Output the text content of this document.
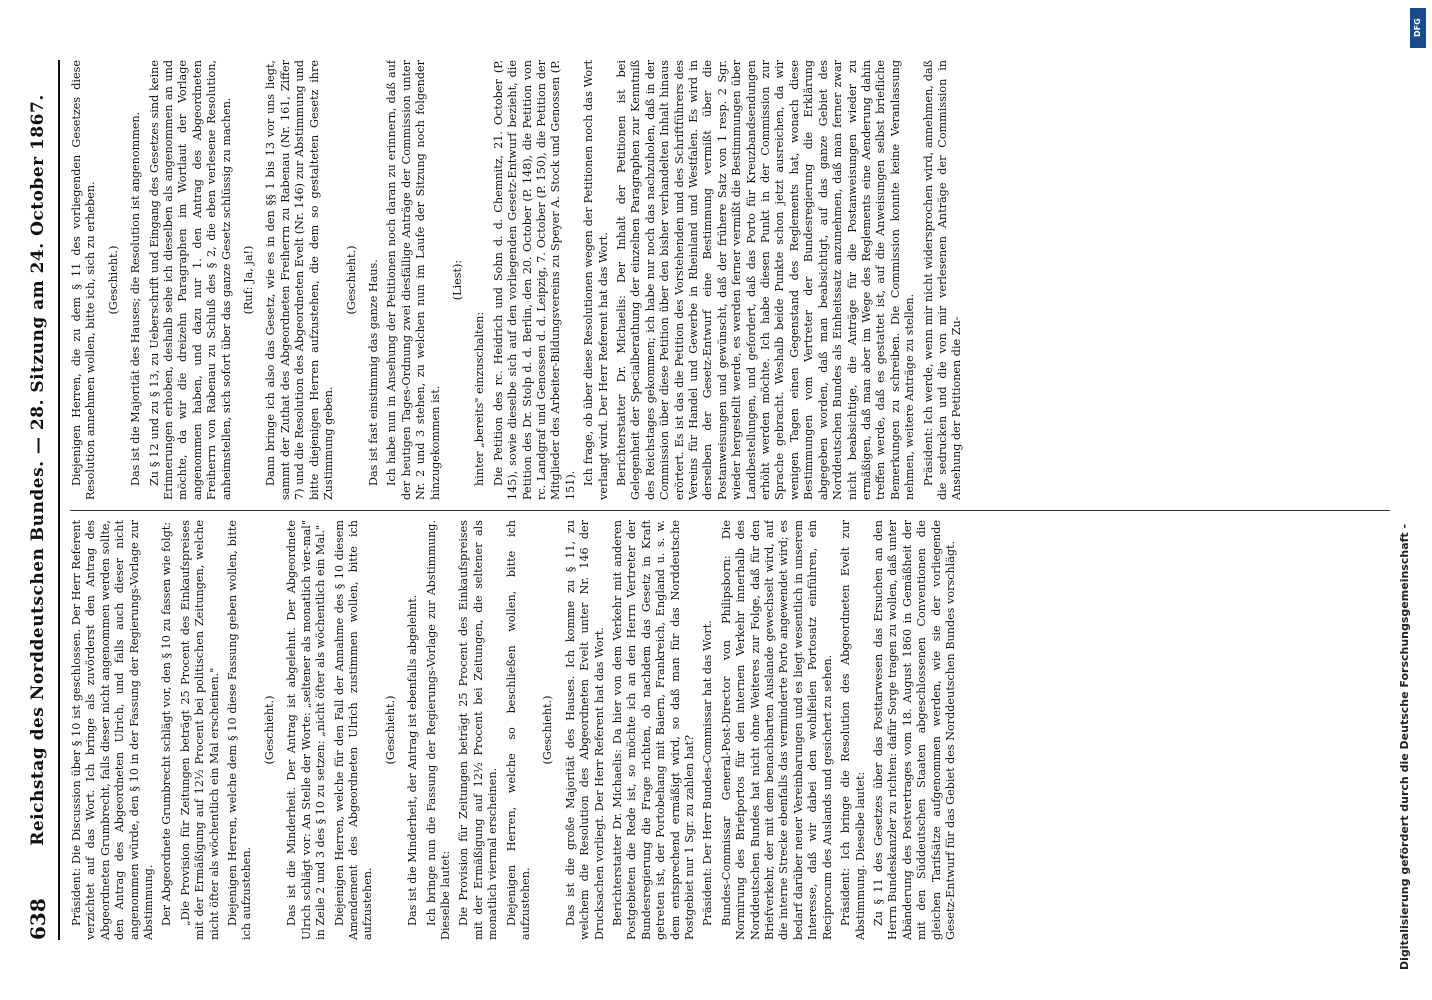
638
Reichstag des Norddeutschen Bundes. — 28. Sitzung am 24. October 1867. Präsident: Die Discussion über § 10 ist geschlossen. Der Herr Referent verzichtet auf das Wort. Ich bringe als zuvörderst den Antrag des Abgeordneten Grumbrecht, falls dieser nicht angenommen werden sollte, den Antrag des Abgeordneten Ulrich, und falls auch dieser nicht angenommen würde, den § 10 in der Fassung der Regierungs-Vorlage zur Abstimmung. Der Abgeordnete Grumbrecht schlägt vor, den § 10 zu fassen wie folgt: „Die Provision für Zeitungen beträgt 25 Procent des Einkaufspreises mit der Ermäßigung auf 12½ Procent bei politischen Zeitungen, welche nicht öfter als wöchentlich ein Mal erscheinen." Diejenigen Herren, welche dem § 10 diese Fassung geben wollen, bitte ich aufzustehen.

(Geschieht.) Das ist die Minderheit. Der Antrag ist abgelehnt. Der Abgeordnete Ulrich schlägt vor: An Stelle der Worte: „seltener als monatlich vier-mal" in Zeile 2 und 3 des § 10 zu setzen: „nicht öfter als wöchentlich ein Mal." Diejenigen Herren, welche für den Fall der Annahme des § 10 diesem Amendement des Abgeordneten Ulrich zustimmen wollen, bitte ich aufzustehen.

(Geschieht.) Das ist die Minderheit, der Antrag ist ebenfalls abgelehnt. Ich bringe nun die Fassung der Regierungs-Vorlage zur Abstimmung. Dieselbe lautet: Die Provision für Zeitungen beträgt 25 Procent des Einkaufspreises mit der Ermäßigung auf 12½ Procent bei Zeitungen, die seltener als monatlich viermal erscheinen. Diejenigen Herren, welche so beschließen wollen, bitte ich aufzustehen.

(Geschieht.) Das ist die große Majorität des Hauses. Ich komme zu § 11, zu welchem die Resolution des Abgeordneten Evelt unter Nr. 146 der Drucksachen vorliegt. Der Herr Referent hat das Wort. Berichterstatter Dr. Michaelis: Da hier von dem Verkehr mit anderen Postgebieten die Rede ist, so möchte ich an den Herrn Vertreter der Bundesregierung die Frage richten, ob nachdem das Gesetz in Kraft getreten ist, der Portobehang mit Baiern, Frankreich, England u. s. w. dem entsprechend ermäßigt wird, so daß man für das Norddeutsche Postgebiet nur 1 Sgr. zu zahlen hat? Präsident: Der Herr Bundes-Commissar hat das Wort. Bundes-Commissar General-Post-Director von Philipsborn: Die Normirung des Briefportos für den internen Verkehr innerhalb des Norddeutschen Bundes hat nicht ohne Weiteres zur Folge, daß für den Briefverkehr, der mit dem benachbarten Auslande gewechselt wird, auf die interne Strecke ebenfalls das verminderte Porto angewendet wird; es bedarf darüber neuer Vereinbarungen und es liegt wesentlich in unserem Interesse, daß wir dabei den wohlfeilen Portosatz einführen, ein Reciprocum des Auslands und gesichert zu sehen. Präsident: Ich bringe die Resolution des Abgeordneten Evelt zur Abstimmung. Dieselbe lautet: Zu § 11 des Gesetzes über das Posttarwesen das Ersuchen an den Herrn Bundeskanzler zu richten: dafür Sorge tragen zu wollen, daß unter Abänderung des Postvertrages vom 18. August 1860 in Gemäßheit der mit den Süddeutschen Staaten abgeschlossenen Conventionen die gleichen Tarifsätze aufgenommen werden, wie sie der vorliegende Gesetz-Entwurf für das Gebiet des Norddeutschen Bundes vorschlägt.

Diejenigen Herren, die zu dem § 11 des vorliegenden Gesetzes diese Resolution annehmen wollen, bitte ich, sich zu erheben. (Geschieht.) Das ist die Majorität des Hauses; die Resolution ist angenommen. Zu § 12 und zu § 13, zu Ueberschrift und Eingang des Gesetzes sind keine Erinnerungen erhoben, deshalb sehe ich dieselben als angenommen an und möchte, da wir die dreizehn Paragraphen im Wortlaut der Vorlage angenommen haben, und dazu nur 1. den Antrag des Abgeordneten Freiherrn von Rabenau zu Schluß des § 2, die eben verlesene Resolution, anheimstellen, sich sofort über das ganze Gesetz schlüssig zu machen. (Ruf: Ja, ja!) Dann bringe ich also das Gesetz, wie es in den §§ 1 bis 13 vor uns liegt, sammt der Zuthat des Abgeordneten Freiherrn zu Rabenau (Nr. 161, Ziffer 7) und die Resolution des Abgeordneten Evelt (Nr. 146) zur Abstimmung und bitte diejenigen Herren aufzustehen, die dem so gestalteten Gesetz ihre Zustimmung geben.

(Geschieht.) Das ist fast einstimmig das ganze Haus. Ich habe nun in Ansehung der Petitionen noch daran zu erinnern, daß auf der heutigen Tages-Ordnung zwei diesfällige Anträge der Commission unter Nr. 2 und 3 stehen, zu welchen nun im Laufe der Sitzung noch folgender hinzugekommen ist.

(Liest):

hinter „bereits" einzuschalten: Die Petition des rc. Heidrich und Sohn d. d. Chemnitz, 21. October (P. 145), sowie dieselbe sich auf den vorliegenden Gesetz-Entwurf bezieht, die Petition des Dr. Stolp d. d. Berlin, den 20. October (P. 148), die Petition von rc. Landgraf und Genossen d. d. Leipzig, 7. October (P. 150), die Petition der Mitglieder des Arbeiter-Bildungsvereins zu Speyer A. Stock und Genossen (P. 151). Ich frage, ob über diese Resolutionen wegen der Petitionen noch das Wort verlangt wird. Der Herr Referent hat das Wort. Berichterstatter Dr. Michaelis: Der Inhalt der Petitionen ist bei Gelegenheit der Specialberathung der einzelnen Paragraphen zur Kenntniß des Reichstages gekommen; ich habe nur noch das nachzuholen, daß in der Commission über diese Petition über den bisher verhandelten Inhalt hinaus erörtert. Es ist das die Petition des Vorstehenden und des Schriftführers des Vereins für Handel und Gewerbe in Rheinland und Westfalen. Es wird in derselben der Gesetz-Entwurf eine Bestimmung vermißt über die Postanweisungen und gewünscht, daß der frühere Satz von 1 resp. 2 Sgr. wieder hergestellt werde, es werden ferner vermißt die Bestimmungen über Landbestellungen, und gefordert, daß das Porto für Kreuzbandsendungen erhöht werden möchte. Ich habe diesen Punkt in der Commission zur Sprache gebracht. Weshalb beide Punkte schon jetzt ausreichen, da wir wenigen Tagen einen Gegenstand des Reglements hat, wonach diese Bestimmungen vom Vertreter der Bundesregierung die Erklärung abgegeben worden, daß man beabsichtigt, auf das ganze Gebiet des Norddeutschen Bundes als Einheitssatz anzunehmen, daß man ferner zwar nicht beabsichtige, die Anträge für die Postanweisungen wieder zu ermäßigen, daß man aber im Wege des Reglements eine Aenderung dahin treffen werde, daß es gestattet ist, auf die Anweisungen selbst briefliche Bemerkungen zu schreiben. Die Commission konnte keine Veranlassung nehmen, weitere Anträge zu stellen. Präsident: Ich werde, wenn mir nicht widersprochen wird, annehmen, daß die sedrucken und die von mir verlesenen Anträge der Commission in Ansehung der Petitionen die Zu-

Digitalisierung gefördert durch die Deutsche Forschungsgemeinschaft -
DFG
